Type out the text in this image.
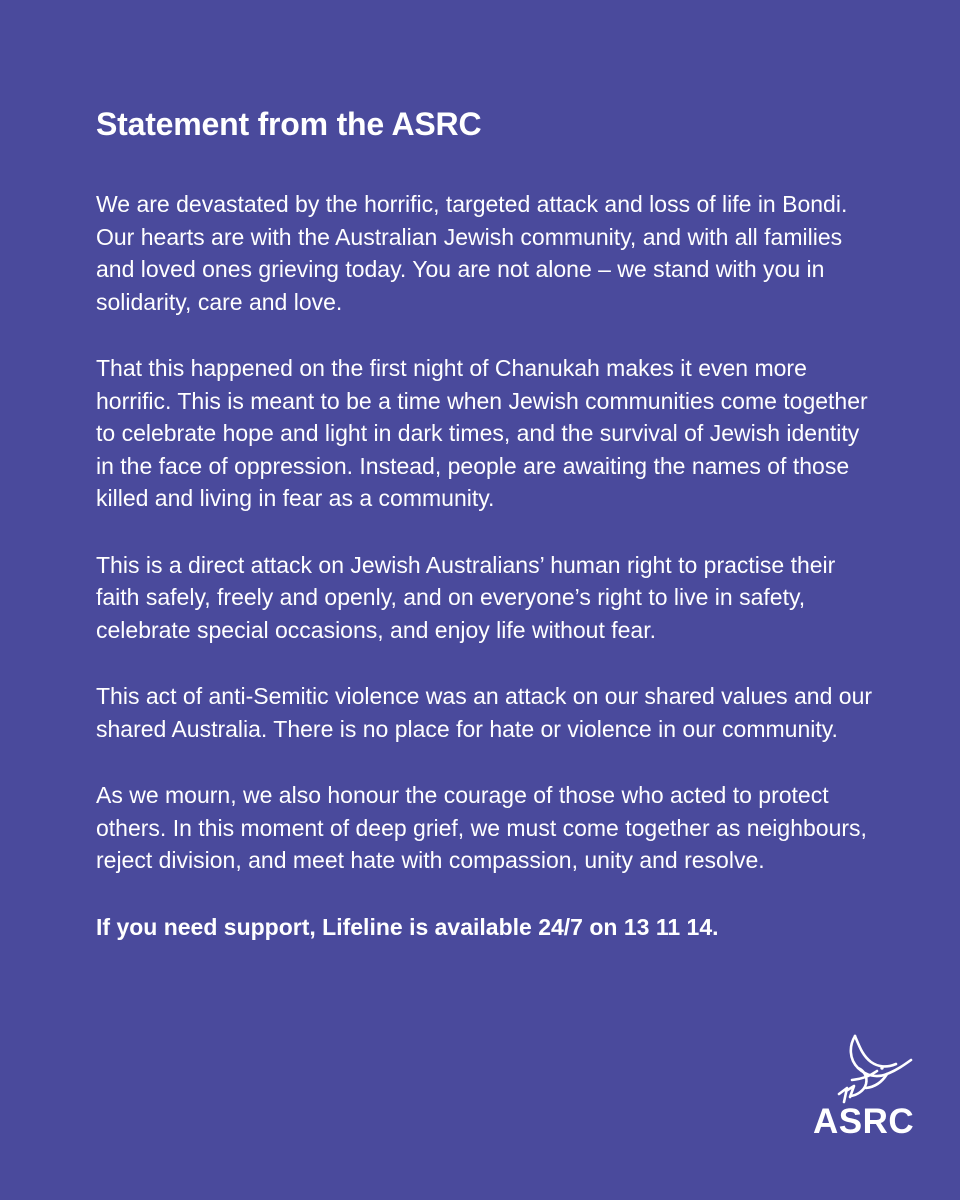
Statement from the ASRC

We are devastated by the horrific, targeted attack and loss of life in Bondi. Our hearts are with the Australian Jewish community, and with all families and loved ones grieving today. You are not alone – we stand with you in solidarity, care and love.

That this happened on the first night of Chanukah makes it even more horrific. This is meant to be a time when Jewish communities come together to celebrate hope and light in dark times, and the survival of Jewish identity in the face of oppression. Instead, people are awaiting the names of those killed and living in fear as a community.

This is a direct attack on Jewish Australians’ human right to practise their faith safely, freely and openly, and on everyone’s right to live in safety, celebrate special occasions, and enjoy life without fear.

This act of anti-Semitic violence was an attack on our shared values and our shared Australia. There is no place for hate or violence in our community.

As we mourn, we also honour the courage of those who acted to protect others. In this moment of deep grief, we must come together as neighbours, reject division, and meet hate with compassion, unity and resolve.

If you need support, Lifeline is available 24/7 on 13 11 14.

ASRC
